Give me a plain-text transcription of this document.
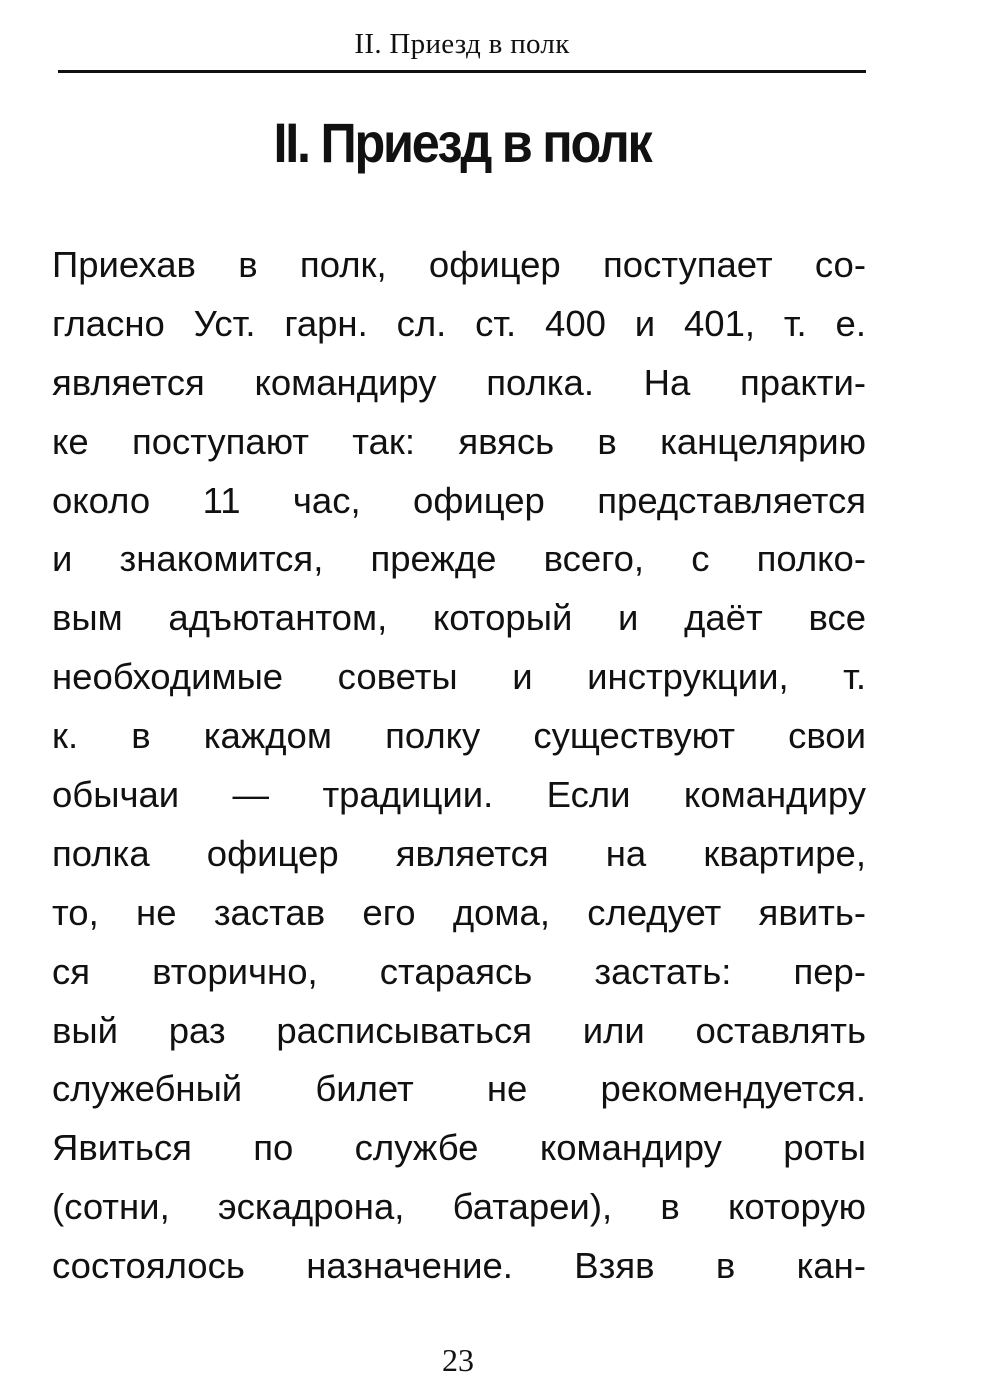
II. Приезд в полк
II. Приезд в полк
Приехав в полк, офицер поступает со-
гласно Уст. гарн. сл. ст. 400 и 401, т. е.
является командиру полка. На практи-
ке поступают так: явясь в канцелярию
около 11 час, офицер представляется
и знакомится, прежде всего, с полко-
вым адъютантом, который и даёт все
необходимые советы и инструкции, т.
к. в каждом полку существуют свои
обычаи — традиции. Если командиру
полка офицер является на квартире,
то, не застав его дома, следует явить-
ся вторично, стараясь застать: пер-
вый раз расписываться или оставлять
служебный билет не рекомендуется.
Явиться по службе командиру роты
(сотни, эскадрона, батареи), в которую
состоялось назначение. Взяв в кан-
23
